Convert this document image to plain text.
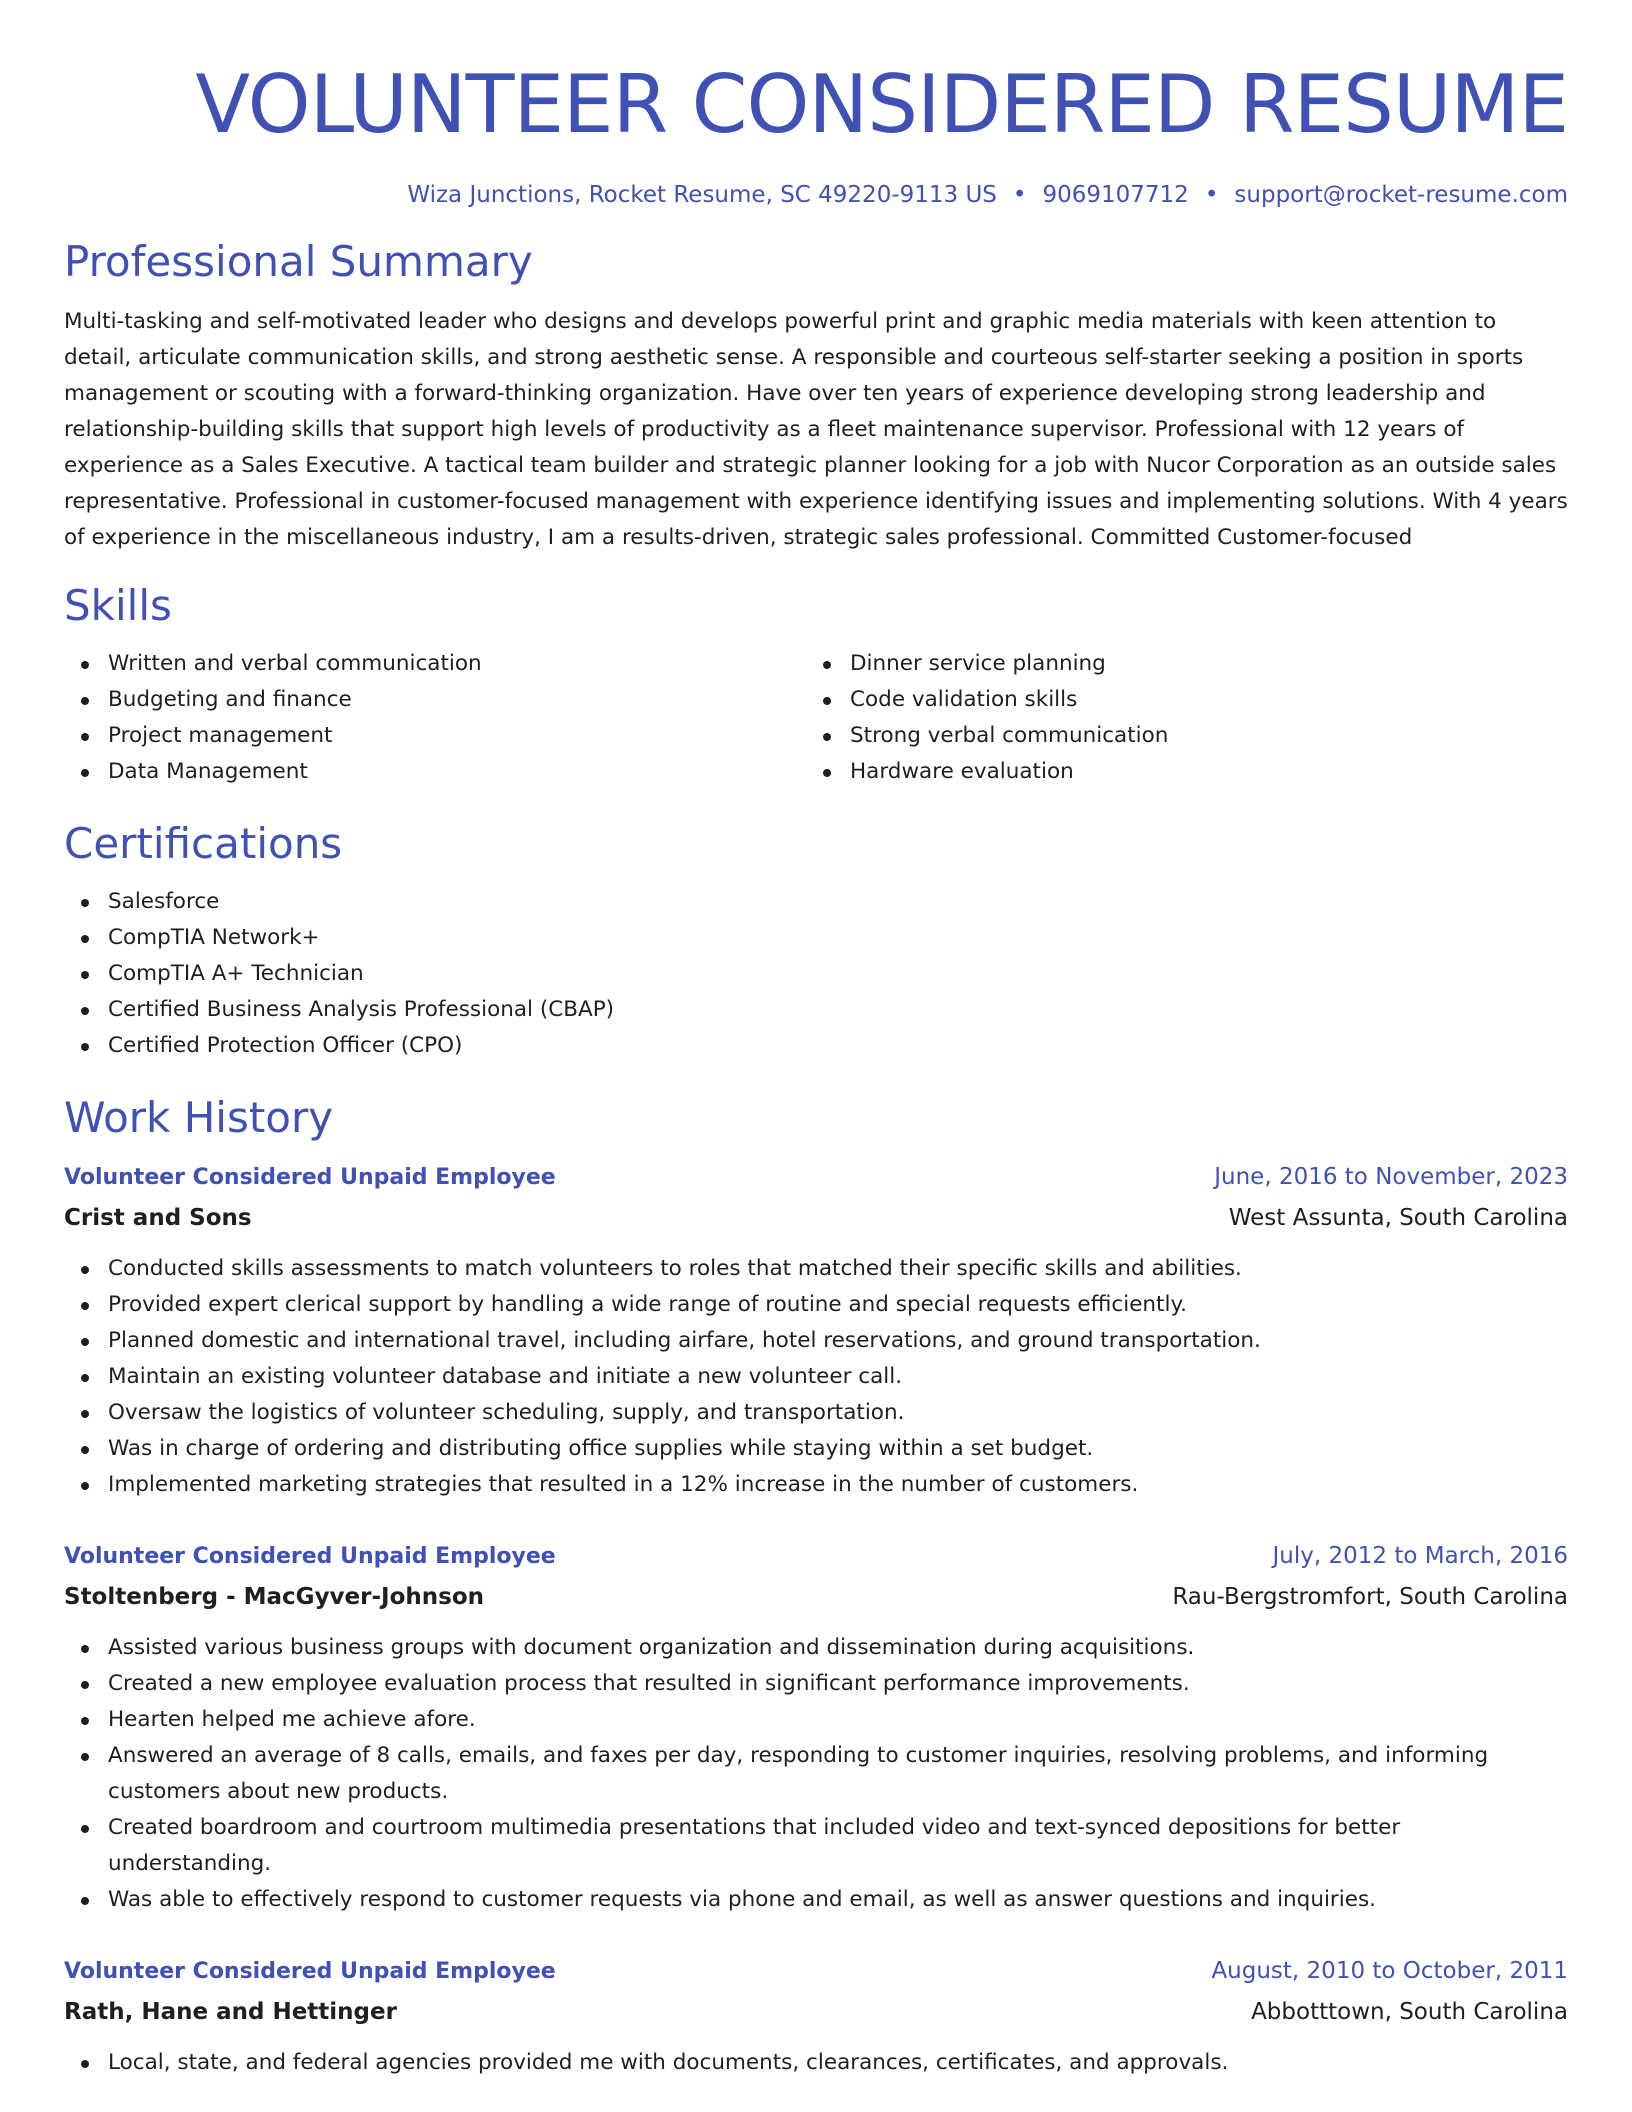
VOLUNTEER CONSIDERED RESUME
Wiza Junctions, Rocket Resume, SC 49220-9113 US • 9069107712 • support@rocket-resume.com
Professional Summary

Multi-tasking and self-motivated leader who designs and develops powerful print and graphic media materials with keen attention to detail, articulate communication skills, and strong aesthetic sense. A responsible and courteous self-starter seeking a position in sports management or scouting with a forward-thinking organization. Have over ten years of experience developing strong leadership and relationship-building skills that support high levels of productivity as a fleet maintenance supervisor. Professional with 12 years of experience as a Sales Executive. A tactical team builder and strategic planner looking for a job with Nucor Corporation as an outside sales representative. Professional in customer-focused management with experience identifying issues and implementing solutions. With 4 years of experience in the miscellaneous industry, I am a results-driven, strategic sales professional. Committed Customer-focused

Skills
Written and verbal communication
Budgeting and finance
Project management
Data Management
Dinner service planning
Code validation skills
Strong verbal communication
Hardware evaluation
Certifications
Salesforce
CompTIA Network+
CompTIA A+ Technician
Certified Business Analysis Professional (CBAP)
Certified Protection Officer (CPO)
Work History
Volunteer Considered Unpaid Employee	June, 2016 to November, 2023
Crist and Sons	West Assunta, South Carolina
Conducted skills assessments to match volunteers to roles that matched their specific skills and abilities.
Provided expert clerical support by handling a wide range of routine and special requests efficiently.
Planned domestic and international travel, including airfare, hotel reservations, and ground transportation.
Maintain an existing volunteer database and initiate a new volunteer call.
Oversaw the logistics of volunteer scheduling, supply, and transportation.
Was in charge of ordering and distributing office supplies while staying within a set budget.
Implemented marketing strategies that resulted in a 12% increase in the number of customers.
Volunteer Considered Unpaid Employee	July, 2012 to March, 2016
Stoltenberg - MacGyver-Johnson	Rau-Bergstromfort, South Carolina
Assisted various business groups with document organization and dissemination during acquisitions.
Created a new employee evaluation process that resulted in significant performance improvements.
Hearten helped me achieve afore.
Answered an average of 8 calls, emails, and faxes per day, responding to customer inquiries, resolving problems, and informing customers about new products.
Created boardroom and courtroom multimedia presentations that included video and text-synced depositions for better understanding.
Was able to effectively respond to customer requests via phone and email, as well as answer questions and inquiries.
Volunteer Considered Unpaid Employee	August, 2010 to October, 2011
Rath, Hane and Hettinger	Abbotttown, South Carolina
Local, state, and federal agencies provided me with documents, clearances, certificates, and approvals.
